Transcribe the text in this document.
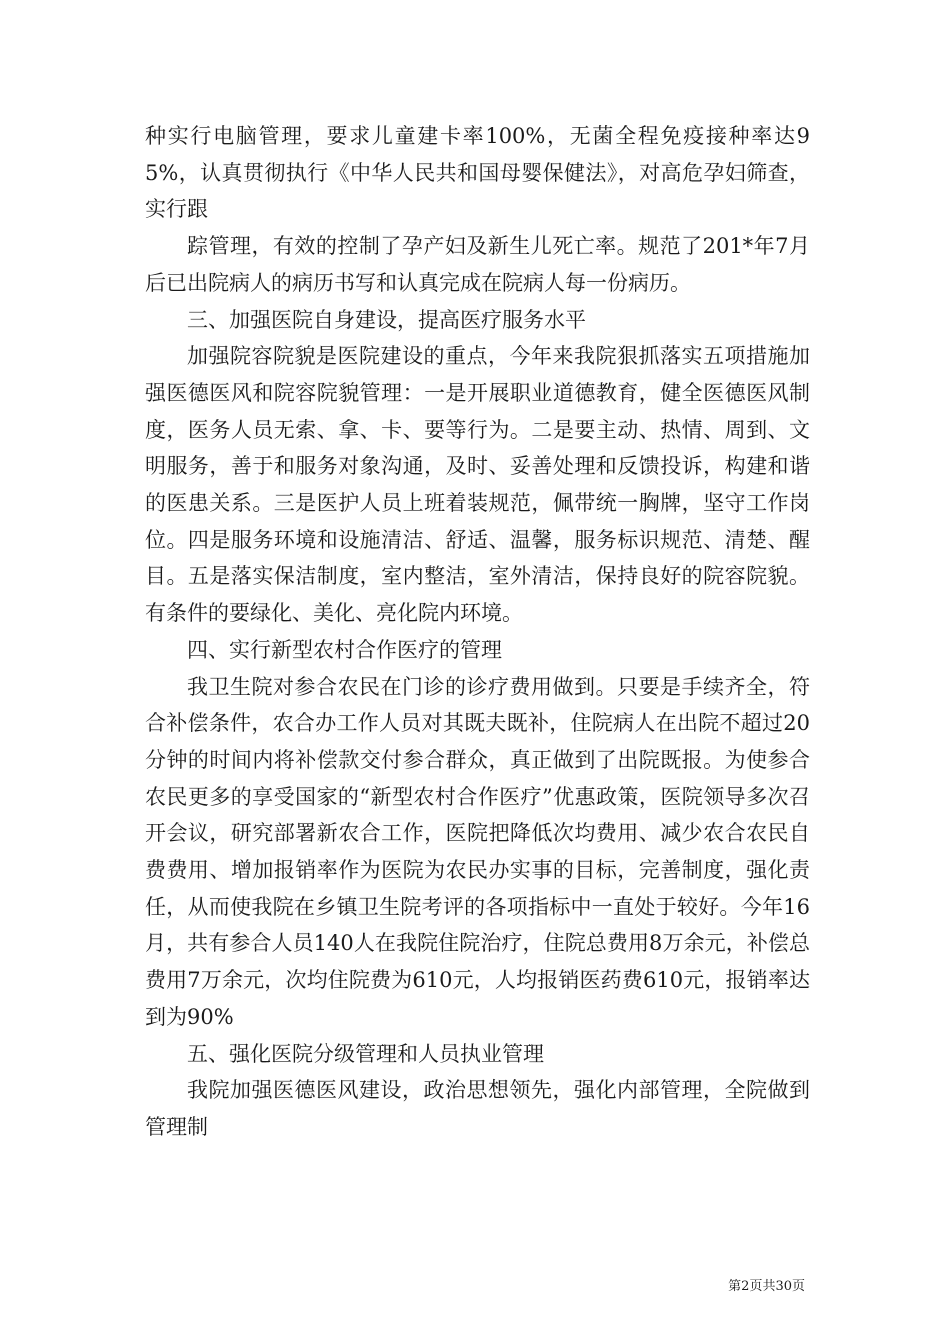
种实行电脑管理，要求儿童建卡率100%，无菌全程免疫接种率达95%，认真贯彻执行《中华人民共和国母婴保健法》，对高危孕妇筛查，实行跟

踪管理，有效的控制了孕产妇及新生儿死亡率。规范了201*年7月后已出院病人的病历书写和认真完成在院病人每一份病历。

三、加强医院自身建设，提高医疗服务水平

加强院容院貌是医院建设的重点，今年来我院狠抓落实五项措施加强医德医风和院容院貌管理：一是开展职业道德教育，健全医德医风制度，医务人员无索、拿、卡、要等行为。二是要主动、热情、周到、文明服务，善于和服务对象沟通，及时、妥善处理和反馈投诉，构建和谐的医患关系。三是医护人员上班着装规范，佩带统一胸牌，坚守工作岗位。四是服务环境和设施清洁、舒适、温馨，服务标识规范、清楚、醒目。五是落实保洁制度，室内整洁，室外清洁，保持良好的院容院貌。有条件的要绿化、美化、亮化院内环境。

四、实行新型农村合作医疗的管理

我卫生院对参合农民在门诊的诊疗费用做到。只要是手续齐全，符合补偿条件，农合办工作人员对其既夫既补，住院病人在出院不超过20分钟的时间内将补偿款交付参合群众，真正做到了出院既报。为使参合农民更多的享受国家的“新型农村合作医疗”优惠政策，医院领导多次召开会议，研究部署新农合工作，医院把降低次均费用、减少农合农民自费费用、增加报销率作为医院为农民办实事的目标，完善制度，强化责任，从而使我院在乡镇卫生院考评的各项指标中一直处于较好。今年16月，共有参合人员140人在我院住院治疗，住院总费用8万余元，补偿总费用7万余元，次均住院费为610元，人均报销医药费610元，报销率达到为90%

五、强化医院分级管理和人员执业管理

我院加强医德医风建设，政治思想领先，强化内部管理，全院做到管理制

第2页共30页
